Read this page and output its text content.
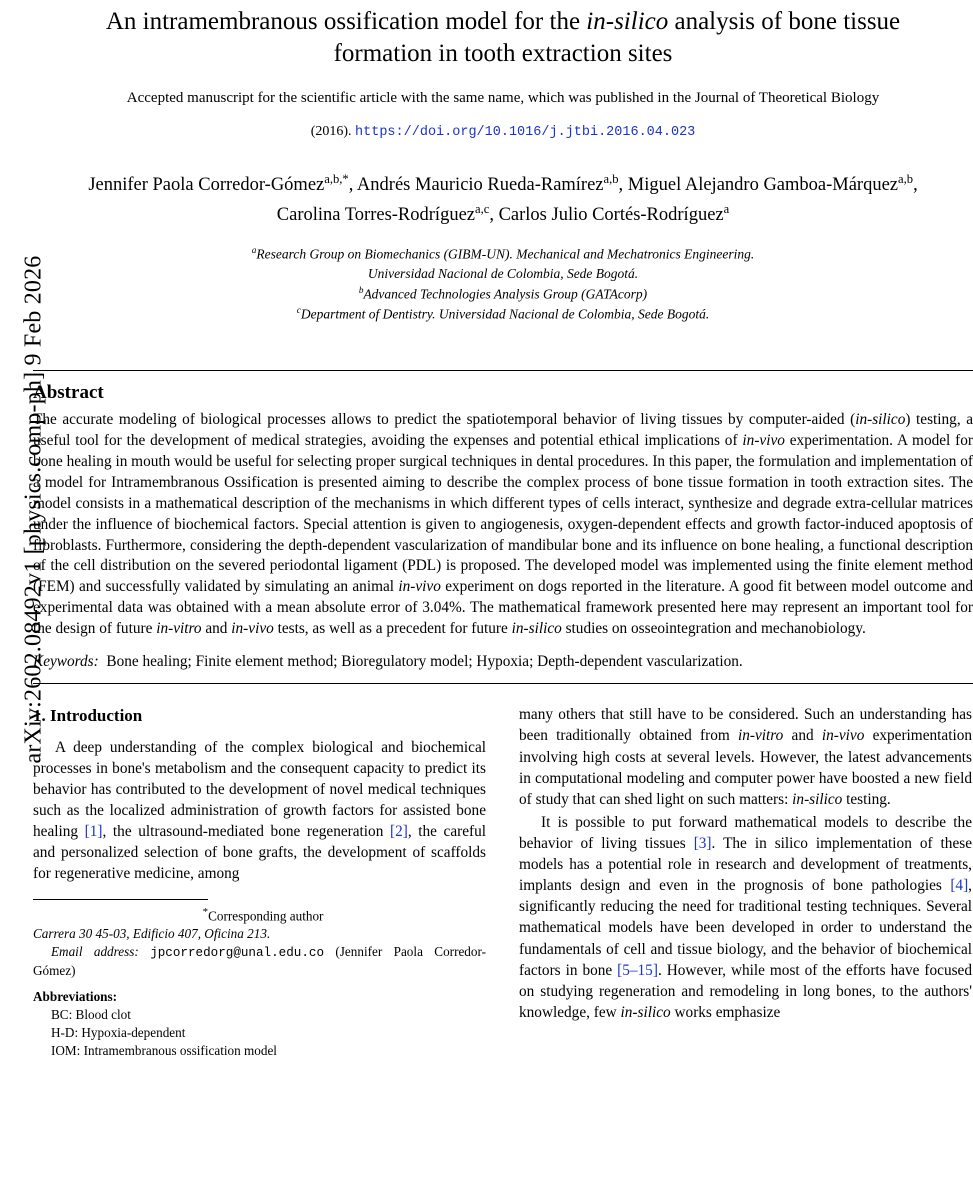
arXiv:2602.08492v1 [physics.comp-ph] 9 Feb 2026
An intramembranous ossification model for the in-silico analysis of bone tissue
formation in tooth extraction sites
Accepted manuscript for the scientific article with the same name, which was published in the Journal of Theoretical Biology
(2016). https://doi.org/10.1016/j.jtbi.2016.04.023
Jennifer Paola Corredor-Gómez$^{a,b,*}$, Andrés Mauricio Rueda-Ramírez$^{a,b}$, Miguel Alejandro Gamboa-Márquez$^{a,b}$,
Carolina Torres-Rodríguez$^{a,c}$, Carlos Julio Cortés-Rodríguez$^a$
$^a$Research Group on Biomechanics (GIBM-UN). Mechanical and Mechatronics Engineering.
Universidad Nacional de Colombia, Sede Bogotá.
$^b$Advanced Technologies Analysis Group (GATAcorp)
$^c$Department of Dentistry. Universidad Nacional de Colombia, Sede Bogotá.
Abstract
The accurate modeling of biological processes allows to predict the spatiotemporal behavior of living tissues by computer-aided (in-silico) testing, a useful tool for the development of medical strategies, avoiding the expenses and potential ethical implications of in-vivo experimentation. A model for bone healing in mouth would be useful for selecting proper surgical techniques in dental procedures. In this paper, the formulation and implementation of a model for Intramembranous Ossification is presented aiming to describe the complex process of bone tissue formation in tooth extraction sites. The model consists in a mathematical description of the mechanisms in which different types of cells interact, synthesize and degrade extra-cellular matrices under the influence of biochemical factors. Special attention is given to angiogenesis, oxygen-dependent effects and growth factor-induced apoptosis of fibroblasts. Furthermore, considering the depth-dependent vascularization of mandibular bone and its influence on bone healing, a functional description of the cell distribution on the severed periodontal ligament (PDL) is proposed. The developed model was implemented using the finite element method (FEM) and successfully validated by simulating an animal in-vivo experiment on dogs reported in the literature. A good fit between model outcome and experimental data was obtained with a mean absolute error of 3.04%. The mathematical framework presented here may represent an important tool for the design of future in-vitro and in-vivo tests, as well as a precedent for future in-silico studies on osseointegration and mechanobiology.
Keywords: Bone healing; Finite element method; Bioregulatory model; Hypoxia; Depth-dependent vascularization.
1. Introduction

A deep understanding of the complex biological and biochemical processes in bone's metabolism and the consequent capacity to predict its behavior has contributed to the development of novel medical techniques such as the localized administration of growth factors for assisted bone healing [1], the ultrasound-mediated bone regeneration [2], the careful and personalized selection of bone grafts, the development of scaffolds for regenerative medicine, among

*Corresponding author
Carrera 30 45-03, Edificio 407, Oficina 213.
Email address: jpcorredorg@unal.edu.co (Jennifer Paola Corredor-Gómez)
Abbreviations:
BC: Blood clot
H-D: Hypoxia-dependent
IOM: Intramembranous ossification model

many others that still have to be considered. Such an understanding has been traditionally obtained from in-vitro and in-vivo experimentation involving high costs at several levels. However, the latest advancements in computational modeling and computer power have boosted a new field of study that can shed light on such matters: in-silico testing.

It is possible to put forward mathematical models to describe the behavior of living tissues [3]. The in silico implementation of these models has a potential role in research and development of treatments, implants design and even in the prognosis of bone pathologies [4], significantly reducing the need for traditional testing techniques. Several mathematical models have been developed in order to understand the fundamentals of cell and tissue biology, and the behavior of biochemical factors in bone [5–15]. However, while most of the efforts have focused on studying regeneration and remodeling in long bones, to the authors' knowledge, few in-silico works emphasize
